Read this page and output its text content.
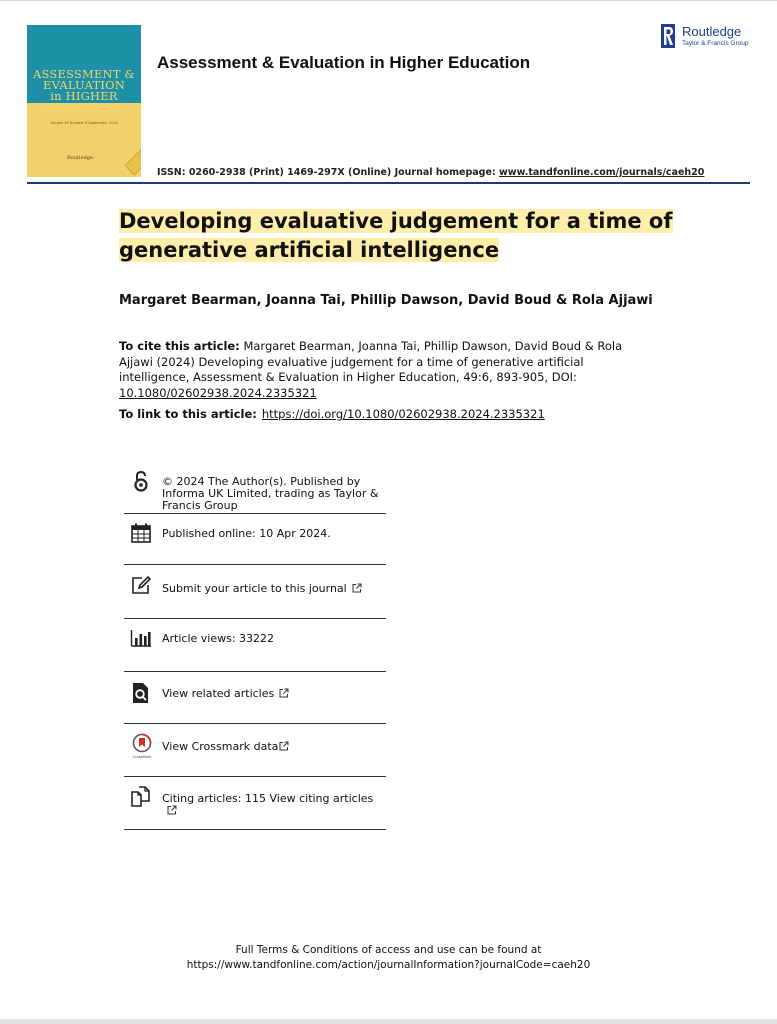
ASSESSMENT &
EVALUATION
in HIGHER
EDUCATION
Volume 49 Number 6 September 2024
Routledge
Assessment & Evaluation in Higher Education
ISSN: 0260-2938 (Print) 1469-297X (Online) Journal homepage: www.tandfonline.com/journals/caeh20
Routledge
Taylor & Francis Group
Developing evaluative judgement for a time of
generative artificial intelligence
Margaret Bearman, Joanna Tai, Phillip Dawson, David Boud & Rola Ajjawi
To cite this article: Margaret Bearman, Joanna Tai, Phillip Dawson, David Boud & Rola Ajjawi (2024) Developing evaluative judgement for a time of generative artificial intelligence, Assessment & Evaluation in Higher Education, 49:6, 893-905, DOI: 10.1080/02602938.2024.2335321
To link to this article: https://doi.org/10.1080/02602938.2024.2335321
© 2024 The Author(s). Published by Informa UK Limited, trading as Taylor & Francis Group
Published online: 10 Apr 2024.
Submit your article to this journal
Article views: 33222
View related articles
CrossMark
View Crossmark data
Citing articles: 115 View citing articles
Full Terms & Conditions of access and use can be found at
https://www.tandfonline.com/action/journalInformation?journalCode=caeh20
